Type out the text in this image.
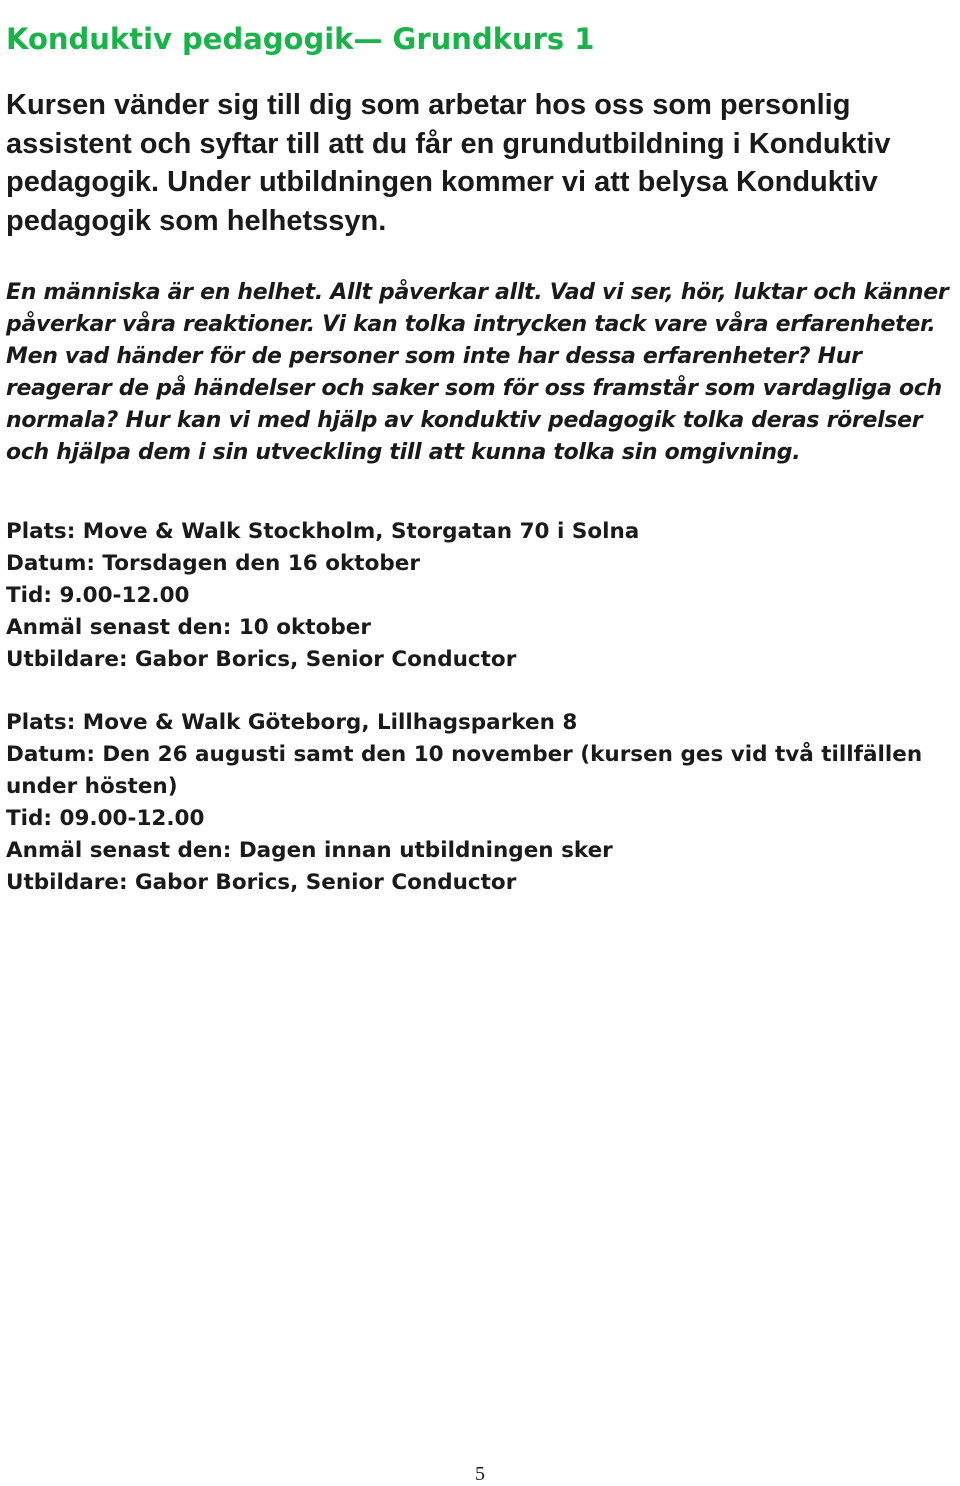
Konduktiv pedagogik— Grundkurs 1

Kursen vänder sig till dig som arbetar hos oss som personlig assistent och syftar till att du får en grundutbildning i Konduktiv pedagogik. Under utbildningen kommer vi att belysa Konduktiv pedagogik som helhetssyn.

En människa är en helhet. Allt påverkar allt. Vad vi ser, hör, luktar och känner påverkar våra reaktioner. Vi kan tolka intrycken tack vare våra erfarenheter. Men vad händer för de personer som inte har dessa erfarenheter? Hur reagerar de på händelser och saker som för oss framstår som vardagliga och normala? Hur kan vi med hjälp av konduktiv pedagogik tolka deras rörelser och hjälpa dem i sin utveckling till att kunna tolka sin omgivning.

Plats: Move & Walk Stockholm, Storgatan 70 i Solna
Datum: Torsdagen den 16 oktober
Tid: 9.00-12.00
Anmäl senast den: 10 oktober
Utbildare: Gabor Borics, Senior Conductor
Plats: Move & Walk Göteborg, Lillhagsparken 8
Datum: Den 26 augusti samt den 10 november (kursen ges vid två tillfällen under hösten)
Tid: 09.00-12.00
Anmäl senast den: Dagen innan utbildningen sker
Utbildare: Gabor Borics, Senior Conductor
5
